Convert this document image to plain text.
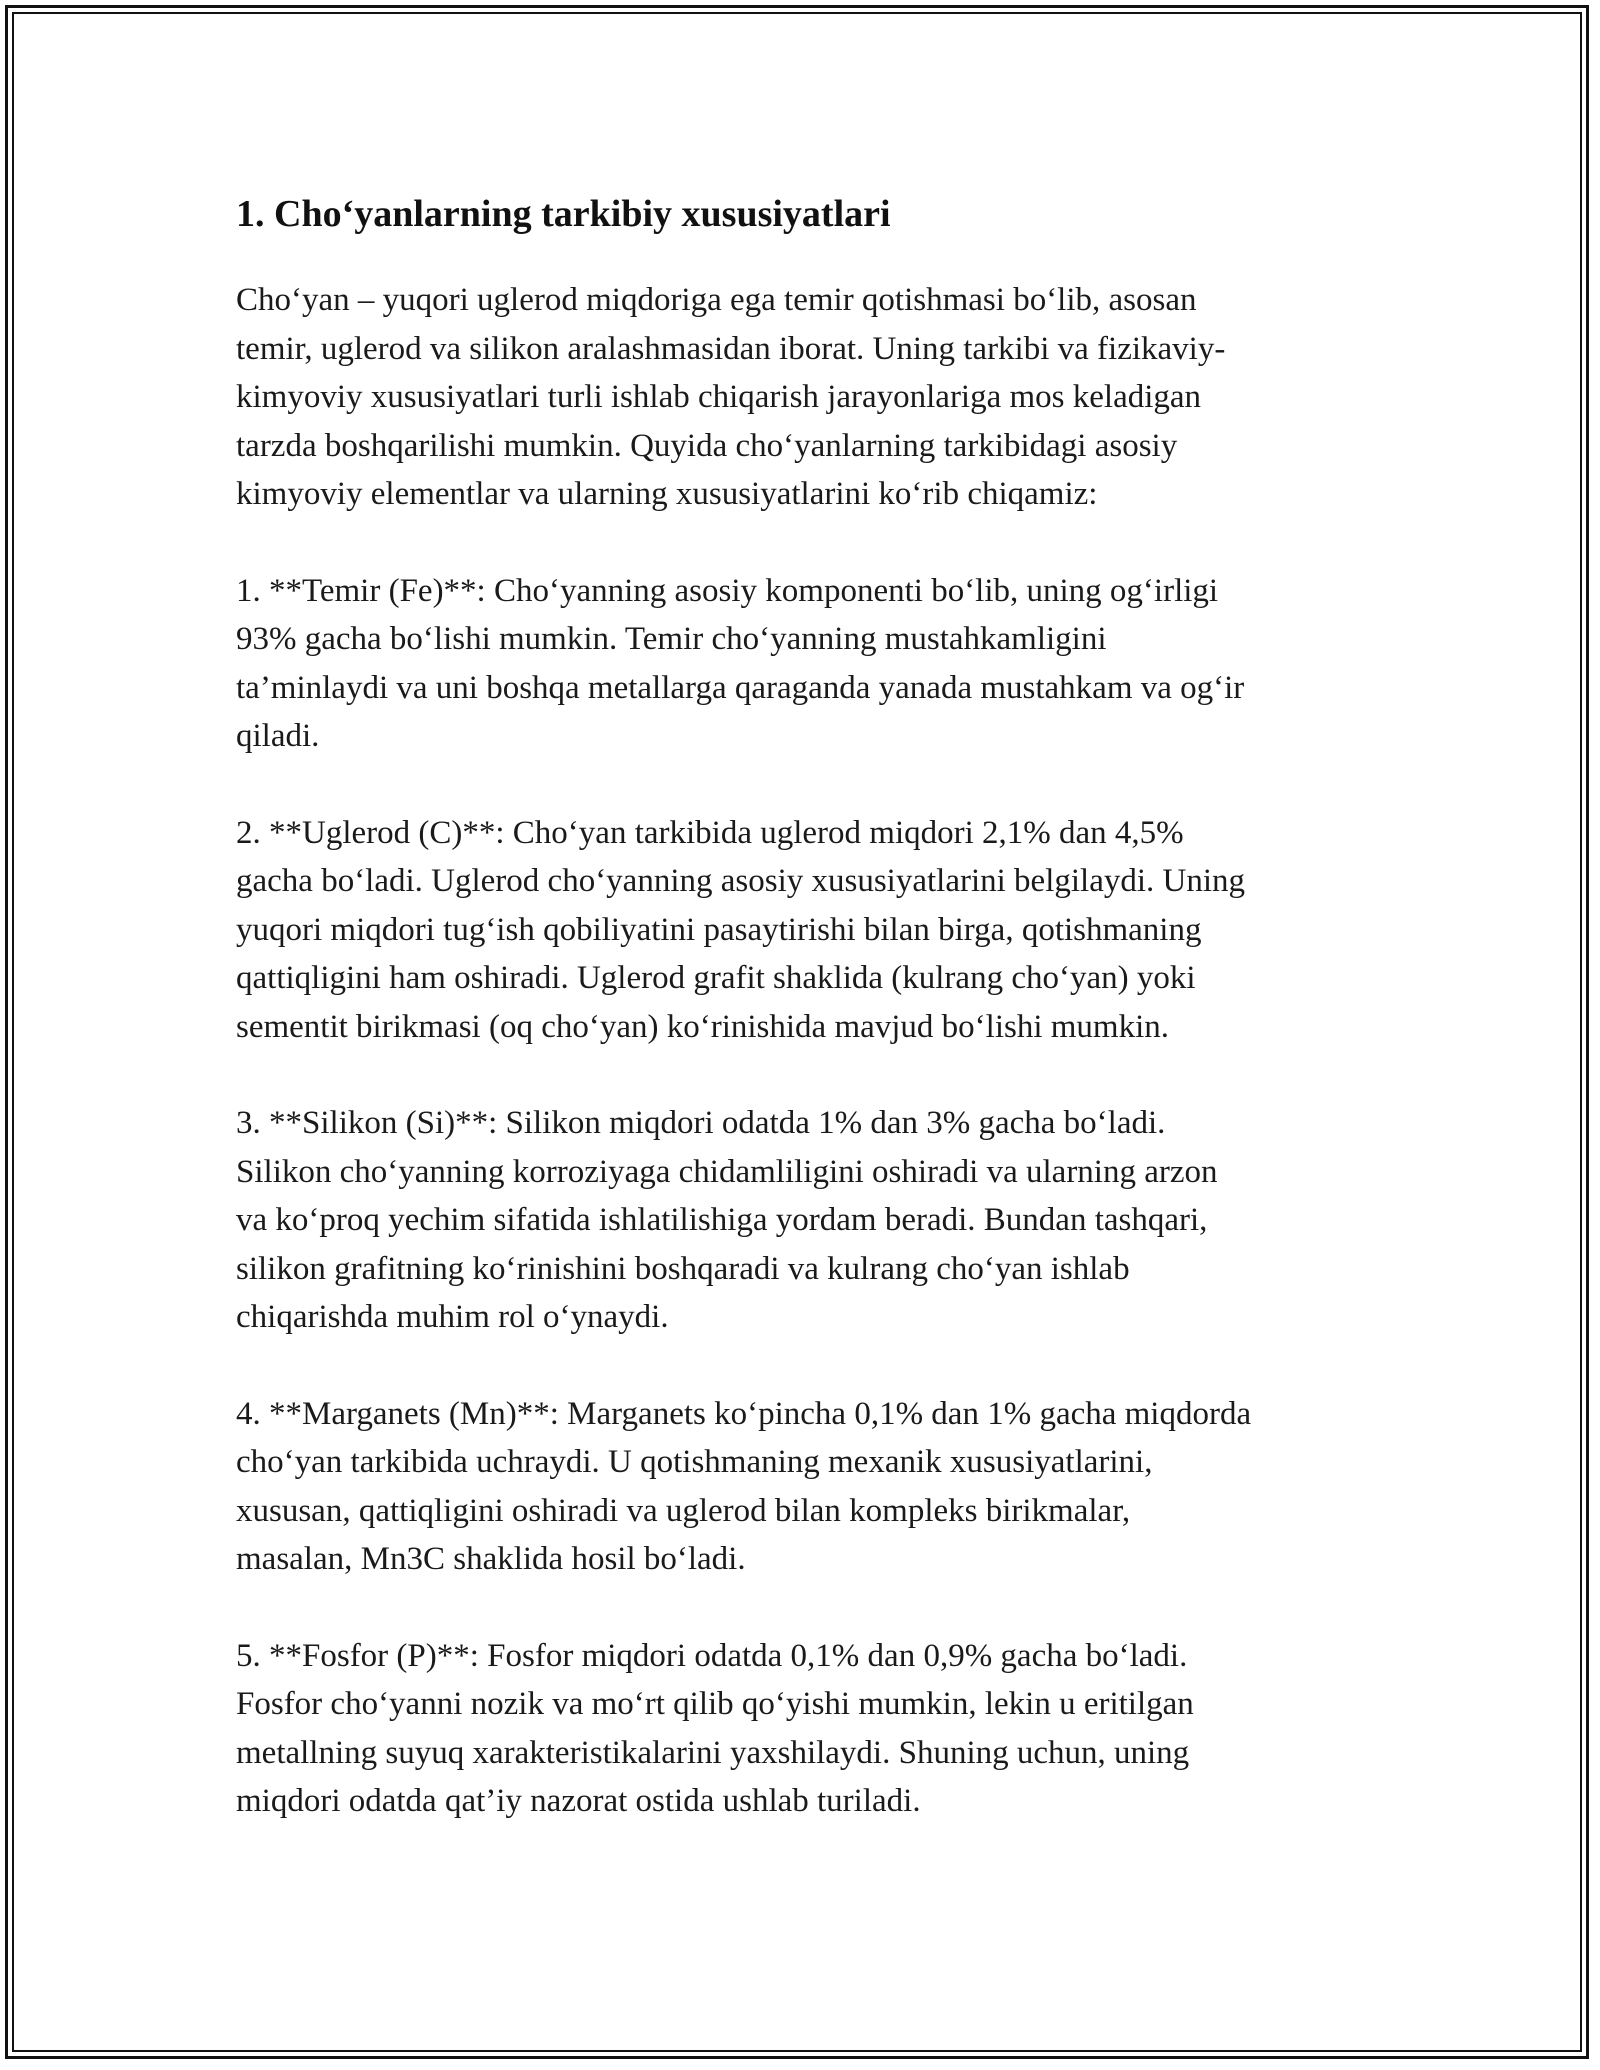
1. Cho‘yanlarning tarkibiy xususiyatlari

Cho‘yan – yuqori uglerod miqdoriga ega temir qotishmasi bo‘lib, asosan
temir, uglerod va silikon aralashmasidan iborat. Uning tarkibi va fizikaviy-
kimyoviy xususiyatlari turli ishlab chiqarish jarayonlariga mos keladigan
tarzda boshqarilishi mumkin. Quyida cho‘yanlarning tarkibidagi asosiy
kimyoviy elementlar va ularning xususiyatlarini ko‘rib chiqamiz:

1. **Temir (Fe)**: Cho‘yanning asosiy komponenti bo‘lib, uning og‘irligi
93% gacha bo‘lishi mumkin. Temir cho‘yanning mustahkamligini
ta’minlaydi va uni boshqa metallarga qaraganda yanada mustahkam va og‘ir
qiladi.

2. **Uglerod (C)**: Cho‘yan tarkibida uglerod miqdori 2,1% dan 4,5%
gacha bo‘ladi. Uglerod cho‘yanning asosiy xususiyatlarini belgilaydi. Uning
yuqori miqdori tug‘ish qobiliyatini pasaytirishi bilan birga, qotishmaning
qattiqligini ham oshiradi. Uglerod grafit shaklida (kulrang cho‘yan) yoki
sementit birikmasi (oq cho‘yan) ko‘rinishida mavjud bo‘lishi mumkin.

3. **Silikon (Si)**: Silikon miqdori odatda 1% dan 3% gacha bo‘ladi.
Silikon cho‘yanning korroziyaga chidamliligini oshiradi va ularning arzon
va ko‘proq yechim sifatida ishlatilishiga yordam beradi. Bundan tashqari,
silikon grafitning ko‘rinishini boshqaradi va kulrang cho‘yan ishlab
chiqarishda muhim rol o‘ynaydi.

4. **Marganets (Mn)**: Marganets ko‘pincha 0,1% dan 1% gacha miqdorda
cho‘yan tarkibida uchraydi. U qotishmaning mexanik xususiyatlarini,
xususan, qattiqligini oshiradi va uglerod bilan kompleks birikmalar,
masalan, Mn3C shaklida hosil bo‘ladi.

5. **Fosfor (P)**: Fosfor miqdori odatda 0,1% dan 0,9% gacha bo‘ladi.
Fosfor cho‘yanni nozik va mo‘rt qilib qo‘yishi mumkin, lekin u eritilgan
metallning suyuq xarakteristikalarini yaxshilaydi. Shuning uchun, uning
miqdori odatda qat’iy nazorat ostida ushlab turiladi.
